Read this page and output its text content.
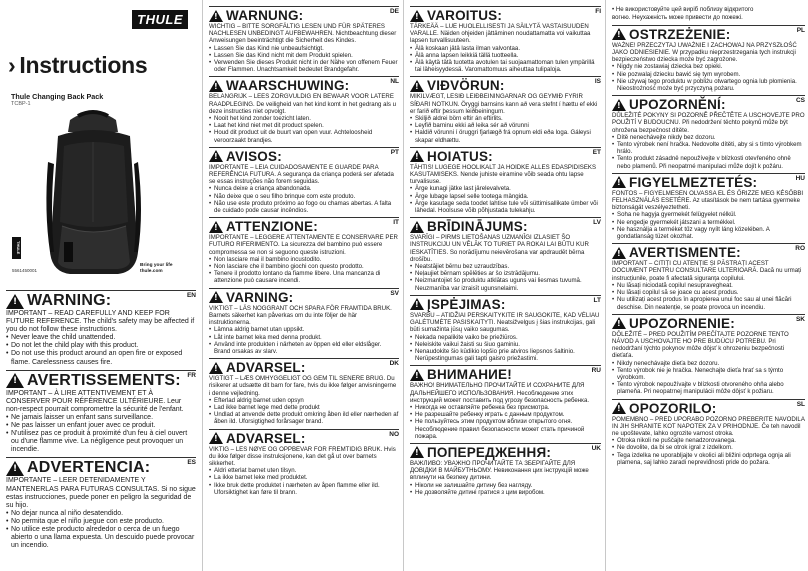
THULE
› Instructions
Thule Changing Back Pack
TCBP-1
THULE
5561450001
Bring your life
thule.com
!
WARNING:	EN

IMPORTANT – READ CAREFULLY AND KEEP FOR FUTURE REFERENCE. The child's safety may be affected if you do not follow these instructions.

• Never leave the child unattended.
• Do not let the child play with this product.
• Do not use this product around an open fire or exposed flame. Carelessness causes fire.
!
AVERTISSEMENTS: FR

IMPORTANT – À LIRE ATTENTIVEMENT ET À CONSERVER POUR RÉFÉRENCE ULTÉRIEURE. Leur non-respect pourrait compromettre la sécurité de l'enfant.

• Ne jamais laisser un enfant sans surveillance.
• Ne pas laisser un enfant jouer avec ce produit.
• N'utilisez pas ce produit à proximité d'un feu à ciel ouvert ou d'une flamme vive. La négligence peut provoquer un incendie.
!
ADVERTENCIA:	ES

IMPORTANTE – LEER DETENIDAMENTE Y MANTENERLAS PARA FUTURAS CONSULTAS. Si no sigue estas instrucciones, puede poner en peligro la seguridad de su hijo.

• No dejar nunca al niño desatendido.
• No permita que el niño juegue con este producto.
• No utilice este producto alrededor o cerca de un fuego abierto o una llama expuesta. Un descuido puede provocar un incendio.
!
WARNUNG:	DE

WICHTIG – BITTE SORGFÄLTIG LESEN UND FÜR SPÄTERES NACHLESEN UNBEDINGT AUFBEWAHREN. Nichtbeachtung dieser Anweisungen beeinträchtigt die Sicherheit des Kindes.

• Lassen Sie das Kind nie unbeaufsichtigt.
• Lassen Sie das Kind nicht mit dem Produkt spielen.
• Verwenden Sie dieses Produkt nicht in der Nähe von offenem Feuer oder Flammen. Unachtsamkeit bedeutet Brandgefahr.
!
WAARSCHUWING:	NL

BELANGRIJK – LEES ZORGVULDIG EN BEWAAR VOOR LATERE RAADPLEGING. De veiligheid van het kind komt in het gedrang als u deze instructies niet opvolgt.

• Nooit het kind zonder toezicht laten.
• Laat het kind niet met dit product spelen.
• Houd dit product uit de buurt van open vuur. Achteloosheid veroorzaakt brandjes.
!
AVISOS:	PT

IMPORTANTE – LEIA CUIDADOSAMENTE E GUARDE PARA REFERÊNCIA FUTURA. A segurança da criança poderá ser afetada se essas instruções não forem seguidas.

• Nunca deixe a criança abandonada.
• Não deixe que o seu filho brinque com este produto.
• Não use este produto próximo ao fogo ou chamas abertas. A falta de cuidado pode causar incêndios.
!
ATTENZIONE:	IT

IMPORTANTE – LEGGERE ATTENTAMENTE E CONSERVARE PER FUTURO RIFERIMENTO. La sicurezza del bambino può essere compromessa se non si seguono queste istruzioni.

• Non lasciare mai il bambino incustodito.
• Non lasciare che il bambino giochi con questo prodotto.
• Tenere il prodotto lontano da fiamme libere. Una mancanza di attenzione può causare incendi.
!
VARNING:	SV

VIKTIGT – LÄS NOGGRANT OCH SPARA FÖR FRAMTIDA BRUK. Barnets säkerhet kan påverkas om du inte följer de här instruktionerna.

• Lämna aldrig barnet utan uppsikt.
• Låt inte barnet leka med denna produkt.
• Använd inte produkten i närheten av öppen eld eller eldslåger. Brand orsakas av slarv.
!
ADVARSEL:	DK

VIGTIGT – LÆS OMHYGGELIGT OG GEM TIL SENERE BRUG. Du risikerer at udsætte dit barn for fare, hvis du ikke følger anvisningerne i denne vejledning.

• Efterlad aldrig barnet uden opsyn
• Lad ikke barnet lege med dette produkt
• Undlad at anvende dette produkt omkring åben ild eller nærheden af åben ild. Uforsigtighed forårsager brand.
!
ADVARSEL:	NO

VIKTIG – LES NØYE OG OPPBEVAR FOR FREMTIDIG BRUK. Hvis du ikke følger disse instruksjonene, kan det gå ut over barnets sikkerhet.

• Aldri etterlat barnet uten tilsyn.
• La ikke barnet leke med produktet.
• Ikke bruk dette produktet i nærheten av åpen flamme eller ild. Uforsiktighet kan føre til brann.
!
VAROITUS:	FI

TÄRKEÄÄ – LUE HUOLELLISESTI JA SÄILYTÄ VASTAISUUDEN VARALLE. Näiden ohjeiden jättäminen noudattamatta voi vaikuttaa lapsen turvallisuuteen.

• Älä koskaan jätä lasta ilman valvontaa.
• Älä anna lapsen leikkiä tällä tuotteella.
• Älä käytä tätä tuotetta avotulen tai suojaamattoman tulen ympärillä tai läheisyydessä. Varomattomuus aiheuttaa tulipaloja.
!
VIÐVÖRUN:	IS

MIKILVÆGT, LESIÐ LEIÐBEININGARNAR OG GEYMIÐ FYRIR SÍÐARI NOTKUN. Öryggi barnsins kann að vera stefnt í hættu ef ekki er farið eftir þessum leiðbeiningum.

• Skiljið aldrei börn eftir án eftirlits.
• Leyfið barninu ekki að leika sér að vörunni
• Haldið vörunni í öruggri fjarlægð frá opnum eldi eða loga. Gáleysi skapar eldhættu.
!
HOIATUS:	ET

TÄHTIS! LUGEGE HOOLIKALT JA HOIDKE ALLES EDASPIDISEKS KASUTAMISEKS. Nende juhiste eiramine võib seada ohtu lapse turvalisuse.

• Ärge kunagi jätke last järelevalveta.
• Ärge lubage lapsel selle tootega mängida.
• Ärge kasutage seda toodet lahtise tule või süttimisallikate ümber või lähedal. Hoolsuse võib põhjustada tulekahju.
!
BRĪDINĀJUMS:	LV

SVARĪGI – PIRMS LIETOŠANAS UZMANĪGI IZLASIET ŠO INSTRUKCIJU UN VĒLĀK TO TURIET PA ROKAI LAI BŪTU KUR IESKATĪTIES. So norādījumu neievērošana var apdraudēt bērna drošību.

• Neatstājiet bērnu bez uzraudzības.
• Neļaujiet bērnam spēlēties ar šo izstrādājumu.
• Neizmantojiet šo produktu atklātas uguns vai liesmas tuvumā. Neuzmanība var izraisīt ugunsnelaimi.
!
ĮSPĖJIMAS:	LT

SVARBU – ATIDŽIAI PERSKAITYKITE IR SAUGOKITE, KAD VĖLIAU GALĖTUMĖTE PASISKAITYTI. Neatsižvelgus į šias instrukcijas, gali būti sumažinta jūsų vaiko saugumas.

• Nekada nepalikite vaiko be priežiūros.
• Neleiskite vaikui žaisti su šiuo gaminiu.
• Nenaudokite šio kūdikio lopšio prie atviros liepsnos šaltinio. Nerūpestingumas gali tapti gaisro priežastimi.
!
ВНИМАНИЕ!	RU

ВАЖНО! ВНИМАТЕЛЬНО ПРОЧИТАЙТЕ И СОХРАНИТЕ ДЛЯ ДАЛЬНЕЙШЕГО ИСПОЛЬЗОВАНИЯ. Несоблюдение этих инструкций может поставить под угрозу безопасность ребенка.

• Никогда не оставляйте ребенка без присмотра.
• Не разрешайте ребенку играть с данным продуктом.
• Не пользуйтесь этим продуктом вблизи открытого огня. Несоблюдение правил безопасности может стать причиной пожара.
!
ПОПЕРЕДЖЕННЯ:	UK

ВАЖЛИВО: УВАЖНО ПРОЧИТАЙТЕ ТА ЗБЕРІГАЙТЕ ДЛЯ ДОВІДКИ В МАЙБУТНЬОМУ. Невиконання цих інструкцій може вплинути на безпеку дитини.

• Ніколи не залишайте дитину без нагляду.
• Не дозволяйте дитині гратися з цим виробом.

• Не використовуйте цей виріб поблизу відкритого

вогню. Неухажність може привести до пожежі.

!
OSTRZEŻENIE:	PL

WAŻNE! PRZECZYTAJ UWAŻNIE I ZACHOWAJ NA PRZYSZŁOŚĆ JAKO ODNIESIENIE. W przypadku nieprzestrzegania tych instrukcji bezpieczeństwo dziecka może być zagrożone.

• Nigdy nie zostawiaj dziecka bez opieki.
• Nie pozwalaj dziecku bawić się tym wyrobem.
• Nie używaj tego produktu w pobliżu otwartego ognia lub płomienia. Nieostrożność może być przyczyną pożaru.
!
UPOZORNĚNÍ:	CS

DŮLEŽITÉ POKYNY SI POZORNĚ PŘEČTĚTE A USCHOVEJTE PRO POUŽITÍ V BUDOUCNU. Při nedodržení těchto pokynů může být ohrožena bezpečnost dítěte.

• Dítě nenechávejte nikdy bez dozoru.
• Tento výrobek není hračka. Nedovolte dítěti, aby si s tímto výrobkem hrálo.
• Tento produkt zásadně nepoužívejte v blízkosti otevřeného ohně nebo plamenů. Při neopatrné manipulaci může dojít k požáru.
!
FIGYELMEZTETÉS:	HU

FONTOS – FIGYELMESEN OLVASSA EL ÉS ŐRIZZE MEG KÉSŐBBI FELHASZNÁLÁS ESETÉRE. Az utasítások be nem tartása gyermeke biztonságát veszélyeztetheti.

• Soha ne hagyja gyermekét felügyelet nélkül.
• Ne engedje gyermekét játszani a termékkel.
• Ne használja a terméket tűz vagy nyílt láng közelében. A gondatlanság tüzet okozhat.
!
AVERTISMENTE:	RO

IMPORTANT – CITIȚI CU ATENȚIE ȘI PĂSTRAȚI ACEST DOCUMENT PENTRU CONSULTARE ULTERIOARĂ. Dacă nu urmați instrucțiunile, poate fi afectată siguranța copilului.

• Nu lăsați niciodată copilul nesupravegheat.
• Nu lăsați copilul să se joace cu acest produs.
• Nu utilizați acest produs în apropierea unui foc sau al unei flăcări deschise. Din neatenție, se poate provoca un incendiu.
!
UPOZORNENIE:	SK

DÔLEŽITÉ – PRED POUŽITÍM PREČÍTAJTE POZORNE TENTO NÁVOD A USCHOVAJTE HO PRE BUDÚCU POTREBU. Pri nedodržaní týchto pokynov môže dôjsť k ohrozeniu bezpečnosti dieťaťa.

• Nikdy nenechávajte dieťa bez dozoru.
• Tento výrobok nie je hračka. Nenechajte dieťa hrať sa s týmto výrobkom.
• Tento výrobok nepoužívajte v blízkosti otvoreného ohňa alebo plameňa. Pri neopatrnej manipulácii môže dôjsť k požiaru.
!
OPOZORILO:	SL

POMEMBNO – PRED UPORABO POZORNO PREBERITE NAVODILA IN JIH SHRANITE KOT NAPOTEK ZA V PRIHODNJE. Če teh navodil ne upoštevate, lahko ogrozite varnost otroka.

• Otroka nikoli ne puščajte nenadzorovanega.
• Ne dovolite, da bi se otrok igral z izdelkom.
• Tega izdelka ne uporabljajte v okolici ali bližini odprtega ognja ali plamena, saj lahko zaradi nepreviđnosti pride do požara.
